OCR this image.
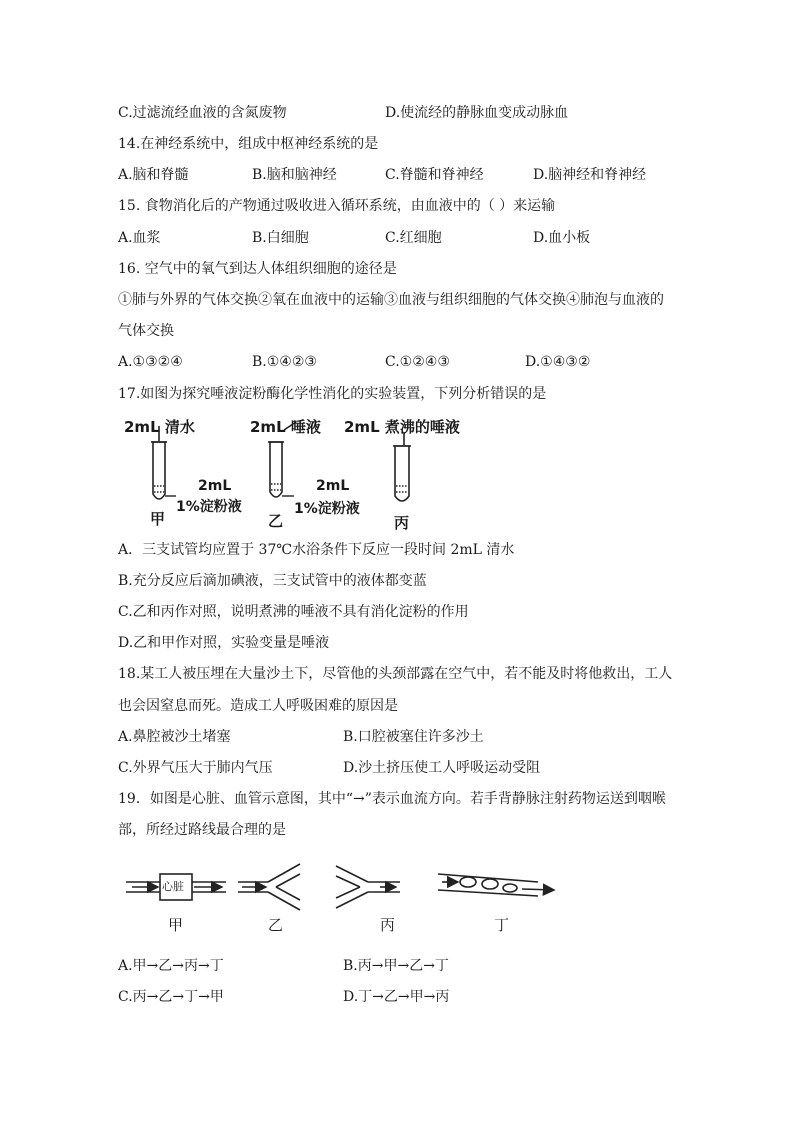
C.过滤流经血液的含氮废物	D.使流经的静脉血变成动脉血
14.在神经系统中，组成中枢神经系统的是
A.脑和脊髓	B.脑和脑神经	C.脊髓和脊神经	D.脑神经和脊神经
15. 食物消化后的产物通过吸收进入循环系统，由血液中的（ ）来运输
A.血浆	B.白细胞	C.红细胞	D.血小板
16. 空气中的氧气到达人体组织细胞的途径是
①肺与外界的气体交换②氧在血液中的运输③血液与组织细胞的气体交换④肺泡与血液的
气体交换
A.①③②④	B.①④②③	C.①②④③	D.①④③②
17.如图为探究唾液淀粉酶化学性消化的实验装置，下列分析错误的是
2mL 清水	2mL 唾液 2mL 煮沸的唾液
2mL
1%淀粉液
2mL
1%淀粉液
甲	乙	丙
A．三支试管均应置于 37℃水浴条件下反应一段时间 2mL 清水
B.充分反应后滴加碘液，三支试管中的液体都变蓝
C.乙和丙作对照，说明煮沸的唾液不具有消化淀粉的作用
D.乙和甲作对照，实验变量是唾液
18.某工人被压埋在大量沙土下，尽管他的头颈部露在空气中，若不能及时将他救出，工人
也会因窒息而死。造成工人呼吸困难的原因是
A.鼻腔被沙土堵塞	B.口腔被塞住许多沙土
C.外界气压大于肺内气压	D.沙土挤压使工人呼吸运动受阻
19．如图是心脏、血管示意图，其中“→”表示血流方向。若手背静脉注射药物运送到咽喉
部，所经过路线最合理的是
心脏
甲	乙	丙	丁
A.甲→乙→丙→丁	B.丙→甲→乙→丁
C.丙→乙→丁→甲	D.丁→乙→甲→丙
